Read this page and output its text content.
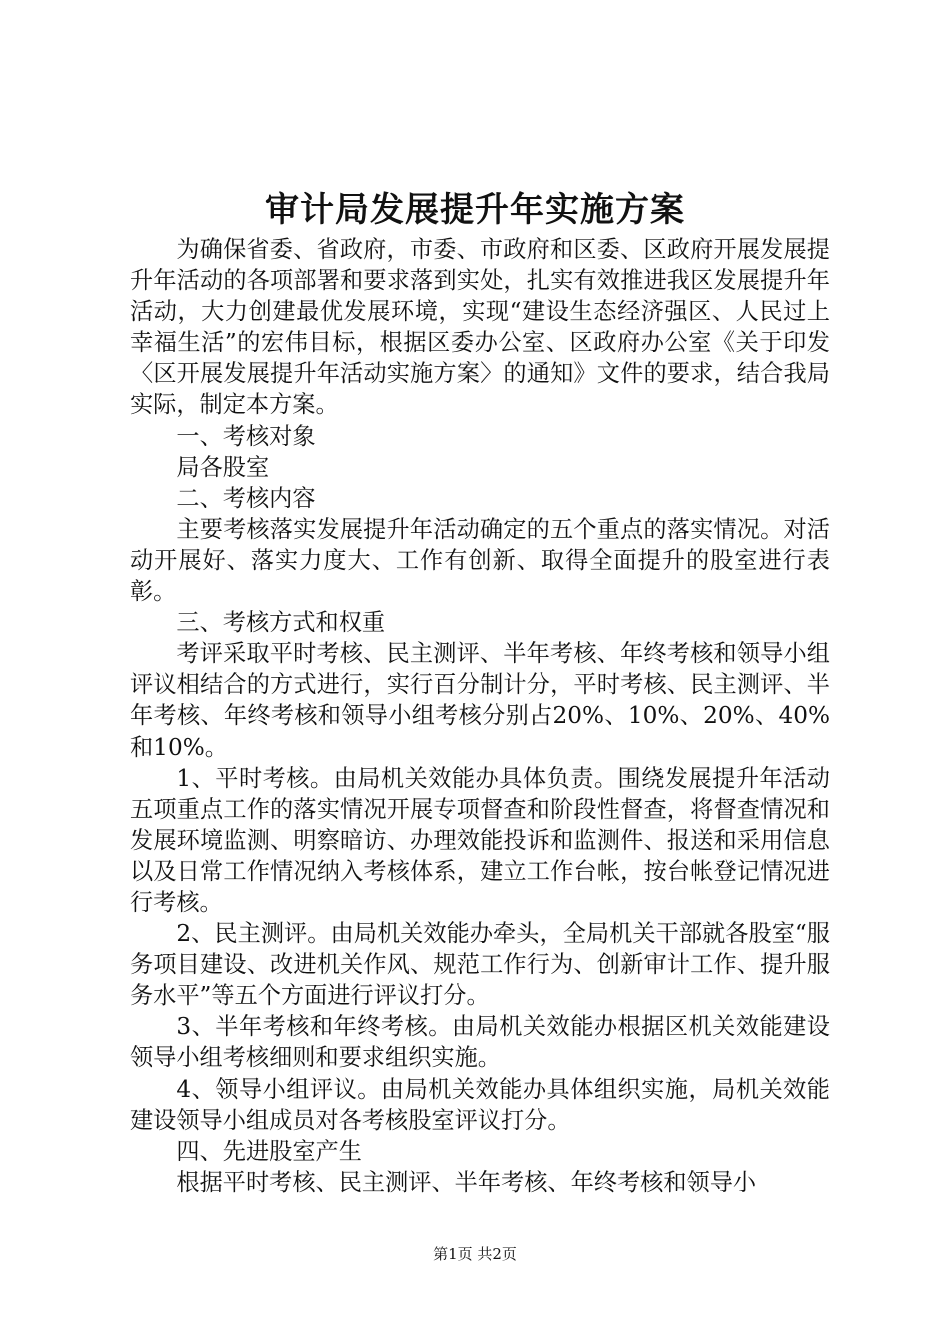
审计局发展提升年实施方案

为确保省委、省政府，市委、市政府和区委、区政府开展发展提升年活动的各项部署和要求落到实处，扎实有效推进我区发展提升年活动，大力创建最优发展环境，实现“建设生态经济强区、人民过上幸福生活”的宏伟目标，根据区委办公室、区政府办公室《关于印发〈区开展发展提升年活动实施方案〉的通知》文件的要求，结合我局实际，制定本方案。

一、考核对象

局各股室

二、考核内容

主要考核落实发展提升年活动确定的五个重点的落实情况。对活动开展好、落实力度大、工作有创新、取得全面提升的股室进行表彰。

三、考核方式和权重

考评采取平时考核、民主测评、半年考核、年终考核和领导小组评议相结合的方式进行，实行百分制计分，平时考核、民主测评、半年考核、年终考核和领导小组考核分别占20%、10%、20%、40%和10%。

1、平时考核。由局机关效能办具体负责。围绕发展提升年活动五项重点工作的落实情况开展专项督查和阶段性督查，将督查情况和发展环境监测、明察暗访、办理效能投诉和监测件、报送和采用信息以及日常工作情况纳入考核体系，建立工作台帐，按台帐登记情况进行考核。

2、民主测评。由局机关效能办牵头，全局机关干部就各股室“服务项目建设、改进机关作风、规范工作行为、创新审计工作、提升服务水平”等五个方面进行评议打分。

3、半年考核和年终考核。由局机关效能办根据区机关效能建设领导小组考核细则和要求组织实施。

4、领导小组评议。由局机关效能办具体组织实施，局机关效能建设领导小组成员对各考核股室评议打分。

四、先进股室产生

根据平时考核、民主测评、半年考核、年终考核和领导小

第1页 共2页
